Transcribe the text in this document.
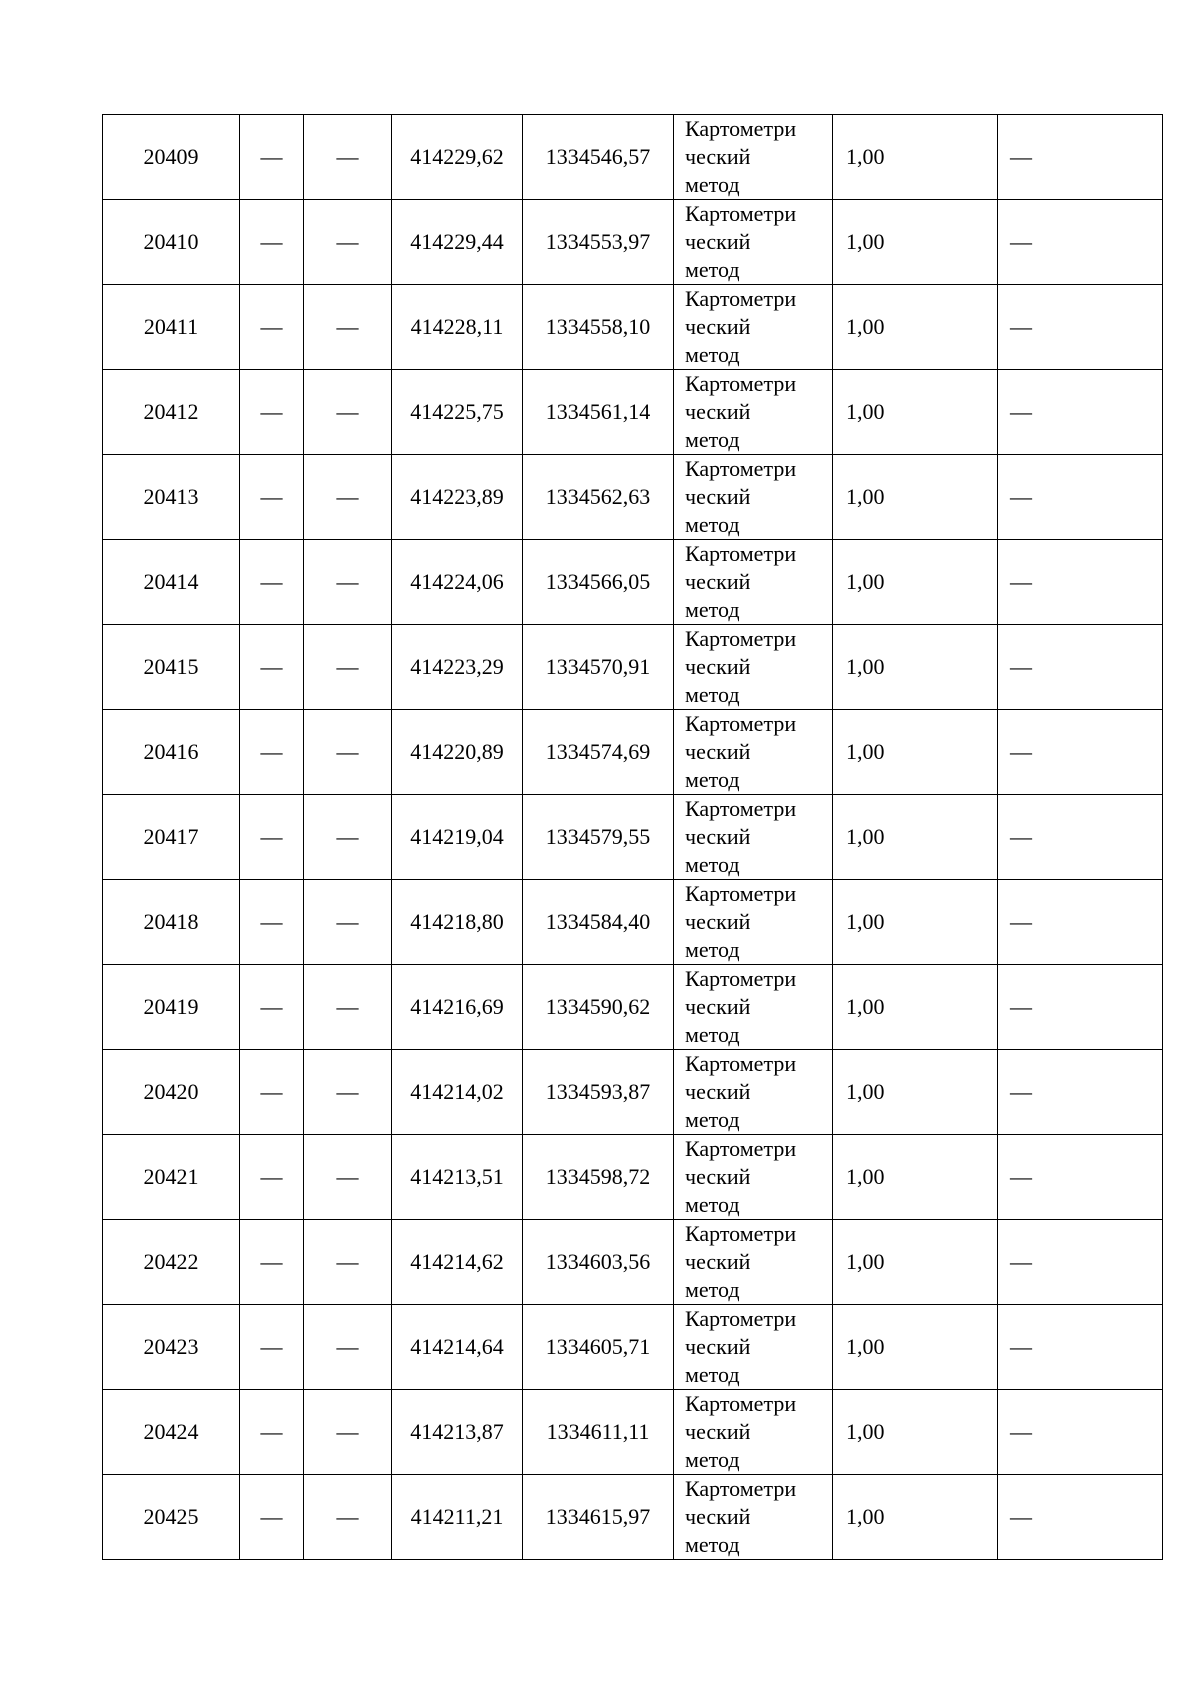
20409	—	—	414229,62	1334546,57	Картометри
ческий
метод	1,00	—
20410	—	—	414229,44	1334553,97	Картометри
ческий
метод	1,00	—
20411	—	—	414228,11	1334558,10	Картометри
ческий
метод	1,00	—
20412	—	—	414225,75	1334561,14	Картометри
ческий
метод	1,00	—
20413	—	—	414223,89	1334562,63	Картометри
ческий
метод	1,00	—
20414	—	—	414224,06	1334566,05	Картометри
ческий
метод	1,00	—
20415	—	—	414223,29	1334570,91	Картометри
ческий
метод	1,00	—
20416	—	—	414220,89	1334574,69	Картометри
ческий
метод	1,00	—
20417	—	—	414219,04	1334579,55	Картометри
ческий
метод	1,00	—
20418	—	—	414218,80	1334584,40	Картометри
ческий
метод	1,00	—
20419	—	—	414216,69	1334590,62	Картометри
ческий
метод	1,00	—
20420	—	—	414214,02	1334593,87	Картометри
ческий
метод	1,00	—
20421	—	—	414213,51	1334598,72	Картометри
ческий
метод	1,00	—
20422	—	—	414214,62	1334603,56	Картометри
ческий
метод	1,00	—
20423	—	—	414214,64	1334605,71	Картометри
ческий
метод	1,00	—
20424	—	—	414213,87	1334611,11	Картометри
ческий
метод	1,00	—
20425	—	—	414211,21	1334615,97	Картометри
ческий
метод	1,00	—
